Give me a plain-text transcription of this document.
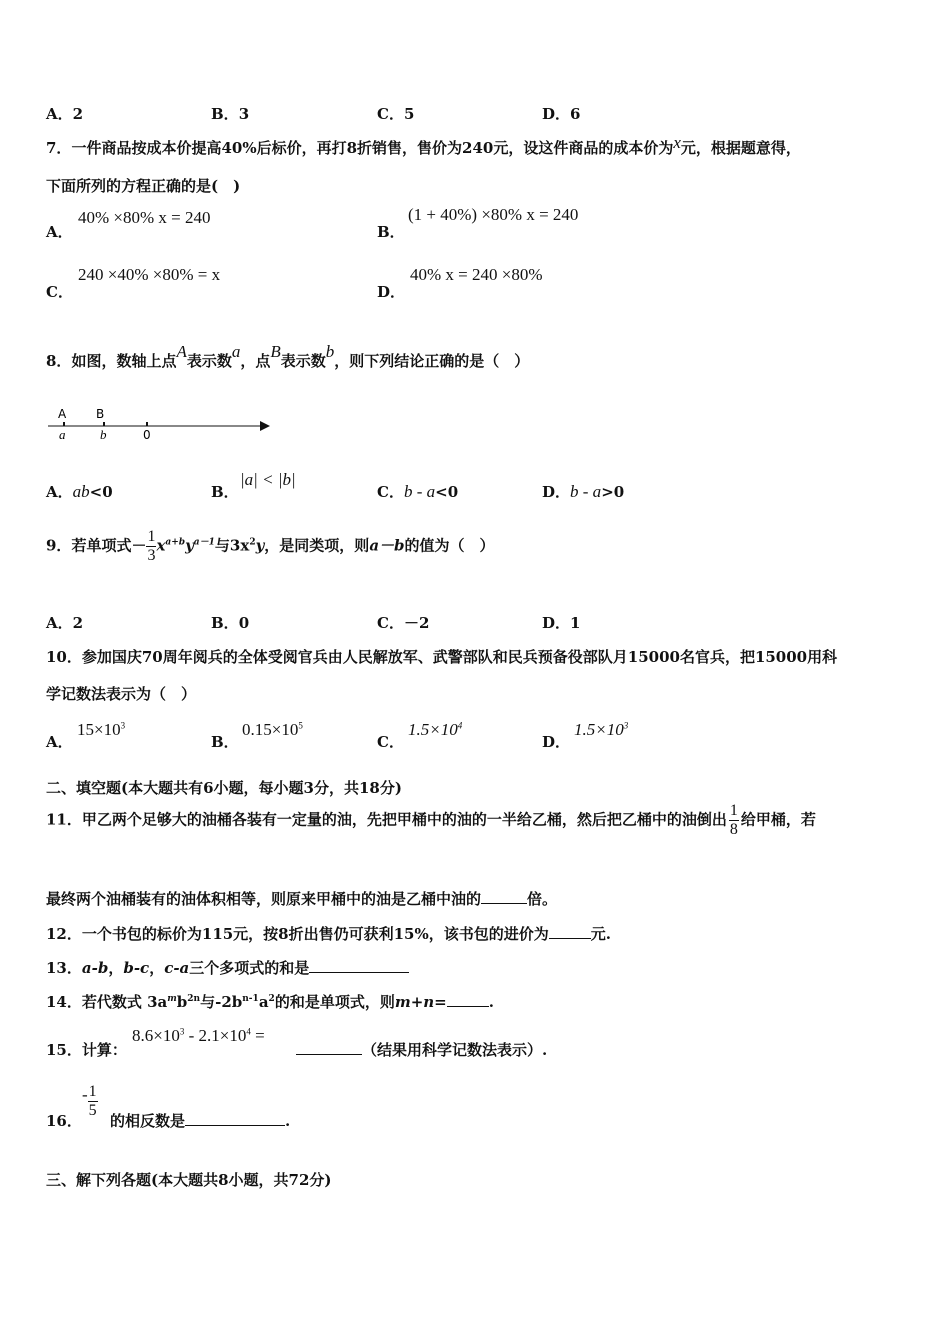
A．2	B．3	C．5	D．6
7．一件商品按成本价提高40%后标价，再打8折销售，售价为240元，设这件商品的成本价为x元，根据题意得，
下面所列的方程正确的是(　)
A．
40% ×80% x = 240
B．
(1 + 40%) ×80% x = 240
C．
240 ×40% ×80% = x
D．
40% x = 240 ×80%
8．如图，数轴上点A表示数a，点B表示数b，则下列结论正确的是（　）
A B
a	b	0
A．ab<0	B．
|a| < |b|
C．b - a<0	D．b - a>0
9．若单项式－ $\frac{1}{3} x^{a+b}y^{a-1}$与$3x^2y$，是同类项，则a－b的值为（　）
A．2	B．0	C．－2	D．1
10．参加国庆70周年阅兵的全体受阅官兵由人民解放军、武警部队和民兵预备役部队月15000名官兵，把15000用科
学记数法表示为（　）
A．
$15\times 10^3$
B．
$0.15\times 10^5$
C．
$1.5\times 10^4$
D．
$1.5\times 10^3$
二、填空题(本大题共有6小题，每小题3分，共18分)
11．甲乙两个足够大的油桶各装有一定量的油，先把甲桶中的油的一半给乙桶，然后把乙桶中的油倒出 $\frac{1}{8}$ 给甲桶，若
最终两个油桶装有的油体积相等，则原来甲桶中的油是乙桶中油的	倍。
12．一个书包的标价为115元，按8折出售仍可获利15%，该书包的进价为	元.
13．a-b，b-c，c-a三个多项式的和是
14．若代数式 $3a^mb^{2n}$与$-2b^{n-1}a^2$的和是单项式，则m+n=	.
15．计算：
$8.6\times 10^3 - 2.1\times 10^4$ =
（结果用科学记数法表示）.
16．
- $\frac{1}{5}$
的相反数是	.
三、解下列各题(本大题共8小题，共72分)
